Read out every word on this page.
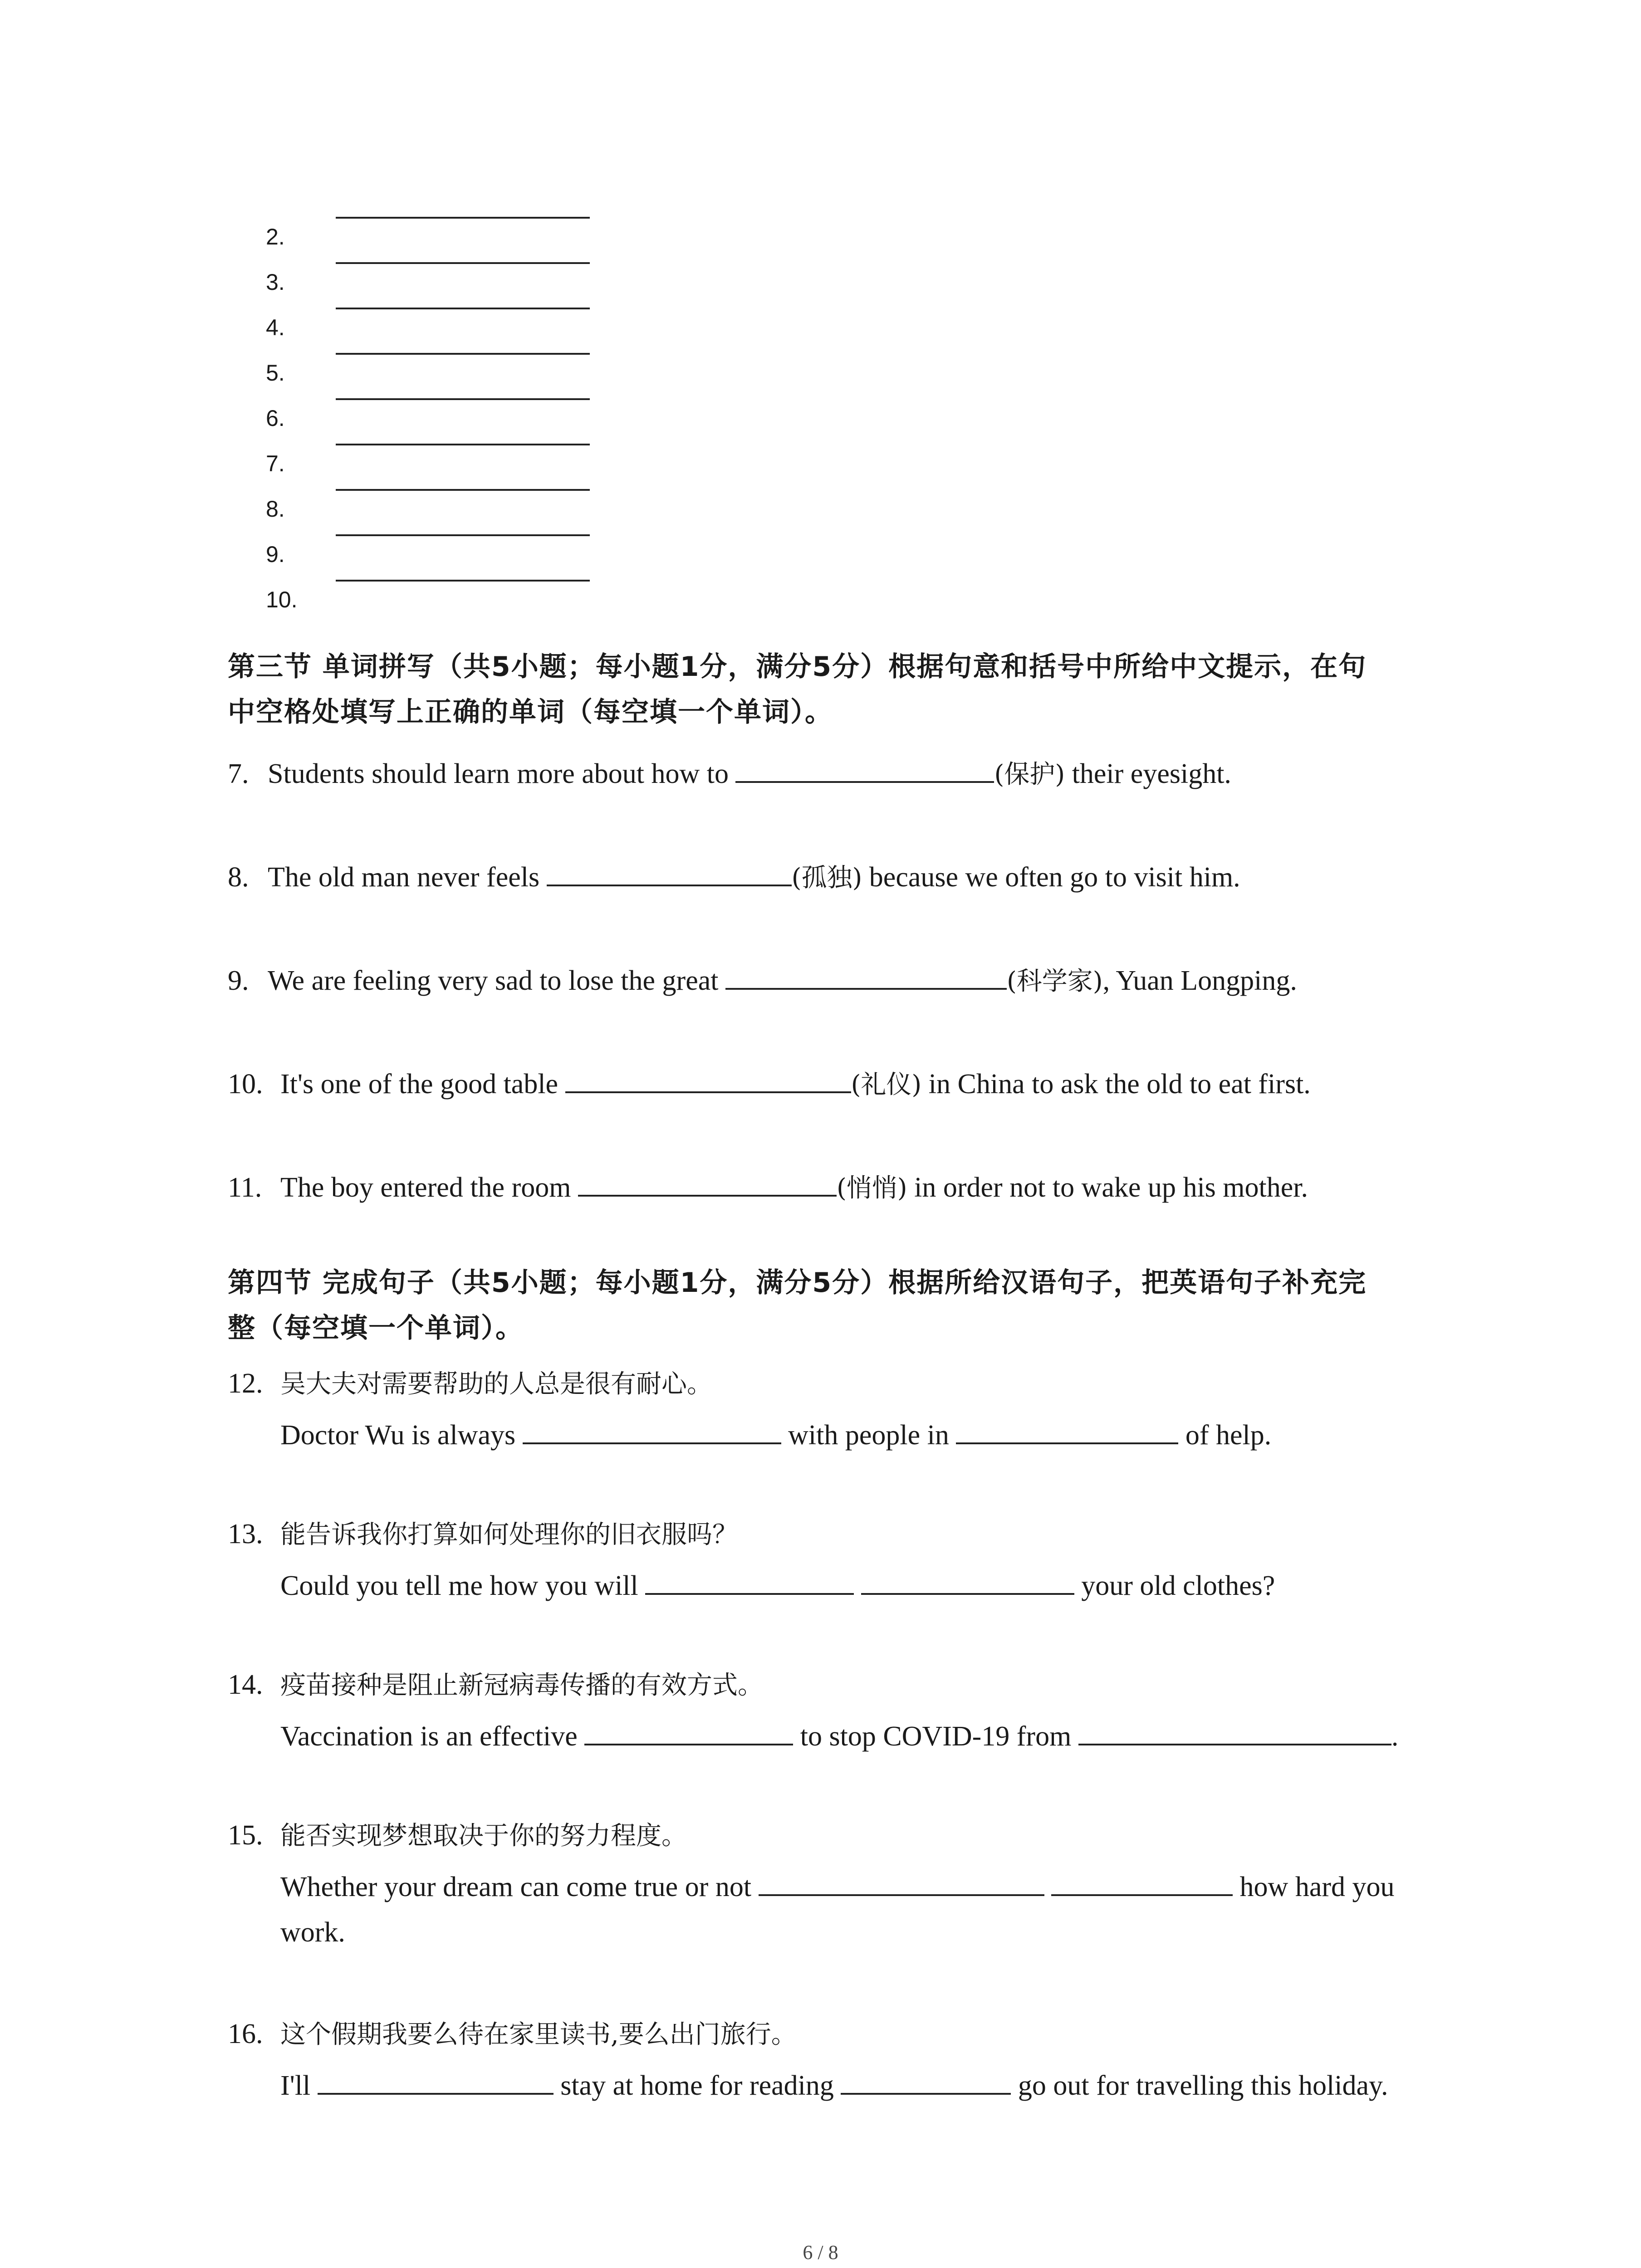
2.
3.
4.
5.
6.
7.
8.
9.
10.
第三节 单词拼写（共5小题；每小题1分，满分5分）根据句意和括号中所给中文提示，在句
中空格处填写上正确的单词（每空填一个单词）。
7. Students should learn more about how to	(保护) their eyesight.
8. The old man never feels	(孤独) because we often go to visit him.
9. We are feeling very sad to lose the great	(科学家), Yuan Longping.
10. It's one of the good table	(礼仪) in China to ask the old to eat first.
11. The boy entered the room	(悄悄) in order not to wake up his mother.
第四节 完成句子（共5小题；每小题1分，满分5分）根据所给汉语句子，把英语句子补充完
整（每空填一个单词）。
12. 吴大夫对需要帮助的人总是很有耐心。
Doctor Wu is always	with people in	of help.
13. 能告诉我你打算如何处理你的旧衣服吗？
Could you tell me how you will	your old clothes?
14. 疫苗接种是阻止新冠病毒传播的有效方式。
Vaccination is an effective	to stop COVID-19 from	.
15. 能否实现梦想取决于你的努力程度。
Whether your dream can come true or not	how hard you
work.
16. 这个假期我要么待在家里读书,要么出门旅行。
I'll	stay at home for reading	go out for travelling this holiday.
6 / 8
